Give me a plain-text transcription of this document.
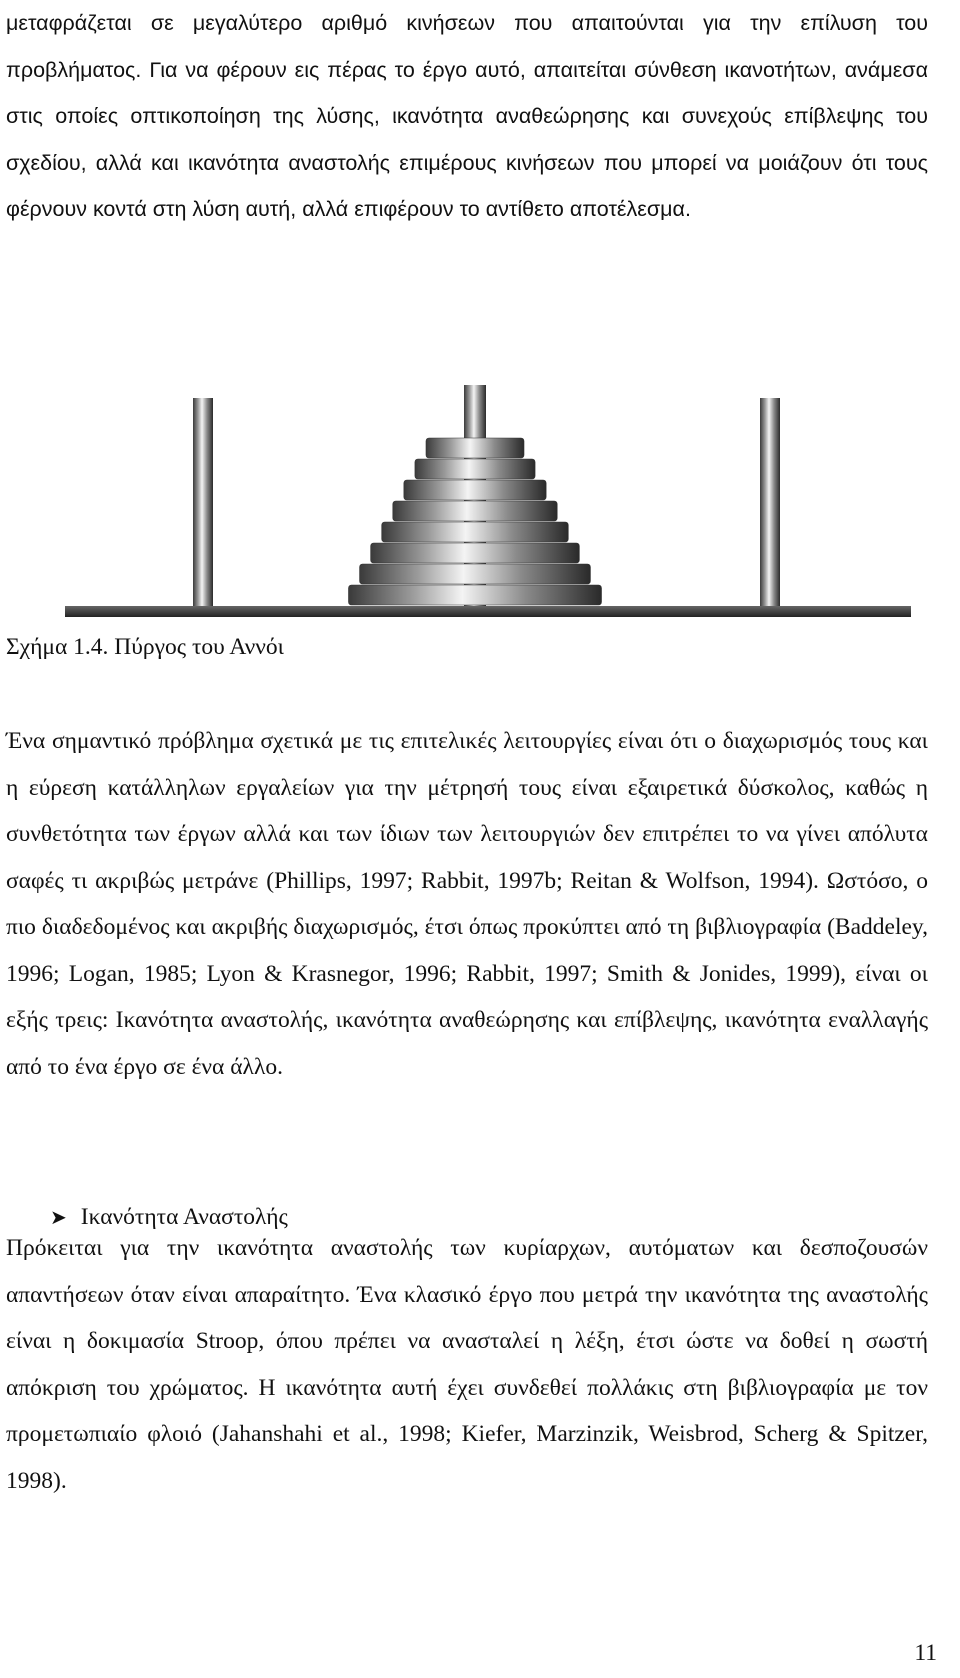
μεταφράζεται σε μεγαλύτερο αριθμό κινήσεων που απαιτούνται για την επίλυση του προβλήματος. Για να φέρουν εις πέρας το έργο αυτό, απαιτείται σύνθεση ικανοτήτων, ανάμεσα στις οποίες οπτικοποίηση της λύσης, ικανότητα αναθεώρησης και συνεχούς επίβλεψης του σχεδίου, αλλά και ικανότητα αναστολής επιμέρους κινήσεων που μπορεί να μοιάζουν ότι τους φέρνουν κοντά στη λύση αυτή, αλλά επιφέρουν το αντίθετο αποτέλεσμα.

Σχήμα 1.4. Πύργος του Αννόι

Ένα σημαντικό πρόβλημα σχετικά με τις επιτελικές λειτουργίες είναι ότι ο διαχωρισμός τους και η εύρεση κατάλληλων εργαλείων για την μέτρησή τους είναι εξαιρετικά δύσκολος, καθώς η συνθετότητα των έργων αλλά και των ίδιων των λειτουργιών δεν επιτρέπει το να γίνει απόλυτα σαφές τι ακριβώς μετράνε (Phillips, 1997; Rabbit, 1997b; Reitan & Wolfson, 1994). Ωστόσο, ο πιο διαδεδομένος και ακριβής διαχωρισμός, έτσι όπως προκύπτει από τη βιβλιογραφία (Baddeley, 1996; Logan, 1985; Lyon & Krasnegor, 1996; Rabbit, 1997; Smith & Jonides, 1999), είναι οι εξής τρεις: Ικανότητα αναστολής, ικανότητα αναθεώρησης και επίβλεψης, ικανότητα εναλλαγής από το ένα έργο σε ένα άλλο.

➤ Ικανότητα Αναστολής

Πρόκειται για την ικανότητα αναστολής των κυρίαρχων, αυτόματων και δεσποζουσών απαντήσεων όταν είναι απαραίτητο. Ένα κλασικό έργο που μετρά την ικανότητα της αναστολής είναι η δοκιμασία Stroop, όπου πρέπει να ανασταλεί η λέξη, έτσι ώστε να δοθεί η σωστή απόκριση του χρώματος. Η ικανότητα αυτή έχει συνδεθεί πολλάκις στη βιβλιογραφία με τον προμετωπιαίο φλοιό (Jahanshahi et al., 1998; Kiefer, Marzinzik, Weisbrod, Scherg & Spitzer, 1998).

11
